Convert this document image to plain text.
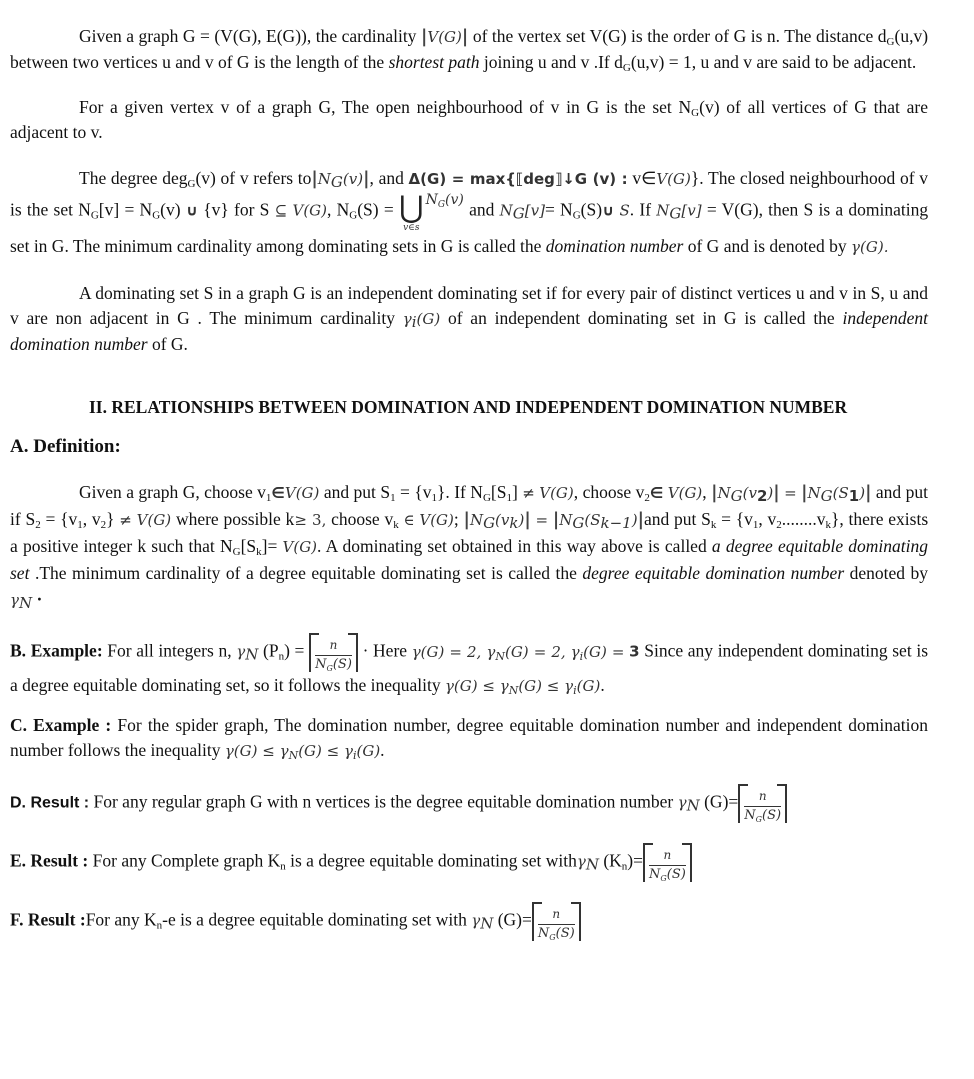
Given a graph G = (V(G), E(G)), the cardinality |V(G)| of the vertex set V(G) is the order of G is n. The distance $d_G(u,v)$ between two vertices u and v of G is the length of the shortest path joining u and v .If $d_G(u,v) = 1$, u and v are said to be adjacent.

For a given vertex v of a graph G, The open neighbourhood of v in G is the set $N_G(v)$ of all vertices of G that are adjacent to v.

The degree deg$_G$(v) of v refers $to|N_G(v)|$, and Δ(G) = max{⟦deg⟧↓G (v) : v∈V(G)}. The closed neighbourhood of v is the set $N_G[v] = N_G(v)$ ∪ {v} for S ⊆ V(G), $N_G(S)$ = ⋃
v∈s
$N_G(v)$ and $N_G[v]=$ $N_G(S)\cup$ S. If $N_G[v] = V(G)$, then S is a dominating set in G. The minimum cardinality among dominating sets in G is called the domination number of G and is denoted by γ(G).

A dominating set S in a graph G is an independent dominating set if for every pair of distinct vertices u and v in S, u and v are non adjacent in G . The minimum cardinality $\gamma_i(G)$ of an independent dominating set in G is called the independent domination number of G.

II. RELATIONSHIPS BETWEEN DOMINATION AND INDEPENDENT DOMINATION NUMBER
A. Definition:

Given a graph G, choose $v_1\in V(G)$ and put $S_1 = \{v_1\}$. If $N_G[S_1] \ne V(G)$, choose $v_2\in$ V(G), $|N_G(v_2)| = |N_G(S_1)|$ and put if $S_2 = \{v_1$, $v_2\} \ne V(G)$ where possible k≥ 3, choose $v_k$ ∈ V(G); $|N_G(v_k)| = |N_G(S_{k-1})|and$ put $S_k = \{v_1$, $v_2........v_k$}, there exists a positive integer k such that $N_G[S_k]= V(G)$. A dominating set obtained in this way above is called a degree equitable dominating set .The minimum cardinality of a degree equitable dominating set is called the degree equitable domination number denoted by $\gamma_N$ ·

B. Example: For all integers n, $\gamma_N$ $(P_n) = \frac{n}{N_G(S)}$ · Here γ(G) = 2, $\gamma_N(G) = 2$, $\gamma_i(G) = 3$ Since any independent dominating set is a degree equitable dominating set, so it follows the inequality $\gamma(G) \le \gamma_N(G) \le \gamma_i(G)$.

C. Example : For the spider graph, The domination number, degree equitable domination number and independent domination number follows the inequality $\gamma(G) \le \gamma_N(G) \le \gamma_i(G)$.

D. Result : For any regular graph G with n vertices is the degree equitable domination number $\gamma_N$ $(G)= \frac{n}{N_G(S)}$

E. Result : For any Complete graph $K_n$ is a degree equitable dominating set withγ$_N$ $(K_n)= \frac{n}{N_G(S)}$

F. Result :For any $K_n-e$ is a degree equitable dominating set with $\gamma_N$ $(G)= \frac{n}{N_G(S)}$
